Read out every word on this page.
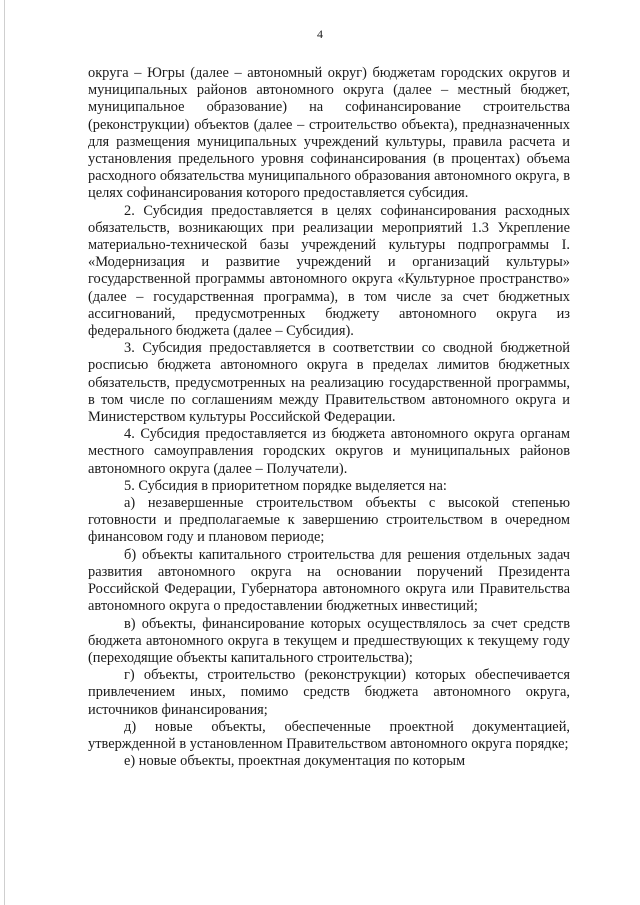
4

округа – Югры (далее – автономный округ) бюджетам городских округов и муниципальных районов автономного округа (далее – местный бюджет, муниципальное образование) на софинансирование строительства (реконструкции) объектов (далее – строительство объекта), предназначенных для размещения муниципальных учреждений культуры, правила расчета и установления предельного уровня софинансирования (в процентах) объема расходного обязательства муниципального образования автономного округа, в целях софинансирования которого предоставляется субсидия.

2. Субсидия предоставляется в целях софинансирования расходных обязательств, возникающих при реализации мероприятий 1.3 Укрепление материально-технической базы учреждений культуры подпрограммы I. «Модернизация и развитие учреждений и организаций культуры» государственной программы автономного округа «Культурное пространство» (далее – государственная программа), в том числе за счет бюджетных ассигнований, предусмотренных бюджету автономного округа из федерального бюджета (далее – Субсидия).

3. Субсидия предоставляется в соответствии со сводной бюджетной росписью бюджета автономного округа в пределах лимитов бюджетных обязательств, предусмотренных на реализацию государственной программы, в том числе по соглашениям между Правительством автономного округа и Министерством культуры Российской Федерации.

4. Субсидия предоставляется из бюджета автономного округа органам местного самоуправления городских округов и муниципальных районов автономного округа (далее – Получатели).

5. Субсидия в приоритетном порядке выделяется на:

а) незавершенные строительством объекты с высокой степенью готовности и предполагаемые к завершению строительством в очередном финансовом году и плановом периоде;

б) объекты капитального строительства для решения отдельных задач развития автономного округа на основании поручений Президента Российской Федерации, Губернатора автономного округа или Правительства автономного округа о предоставлении бюджетных инвестиций;

в) объекты, финансирование которых осуществлялось за счет средств бюджета автономного округа в текущем и предшествующих к текущему году (переходящие объекты капитального строительства);

г) объекты, строительство (реконструкции) которых обеспечивается привлечением иных, помимо средств бюджета автономного округа, источников финансирования;

д) новые объекты, обеспеченные проектной документацией, утвержденной в установленном Правительством автономного округа порядке;

е) новые объекты, проектная документация по которым
